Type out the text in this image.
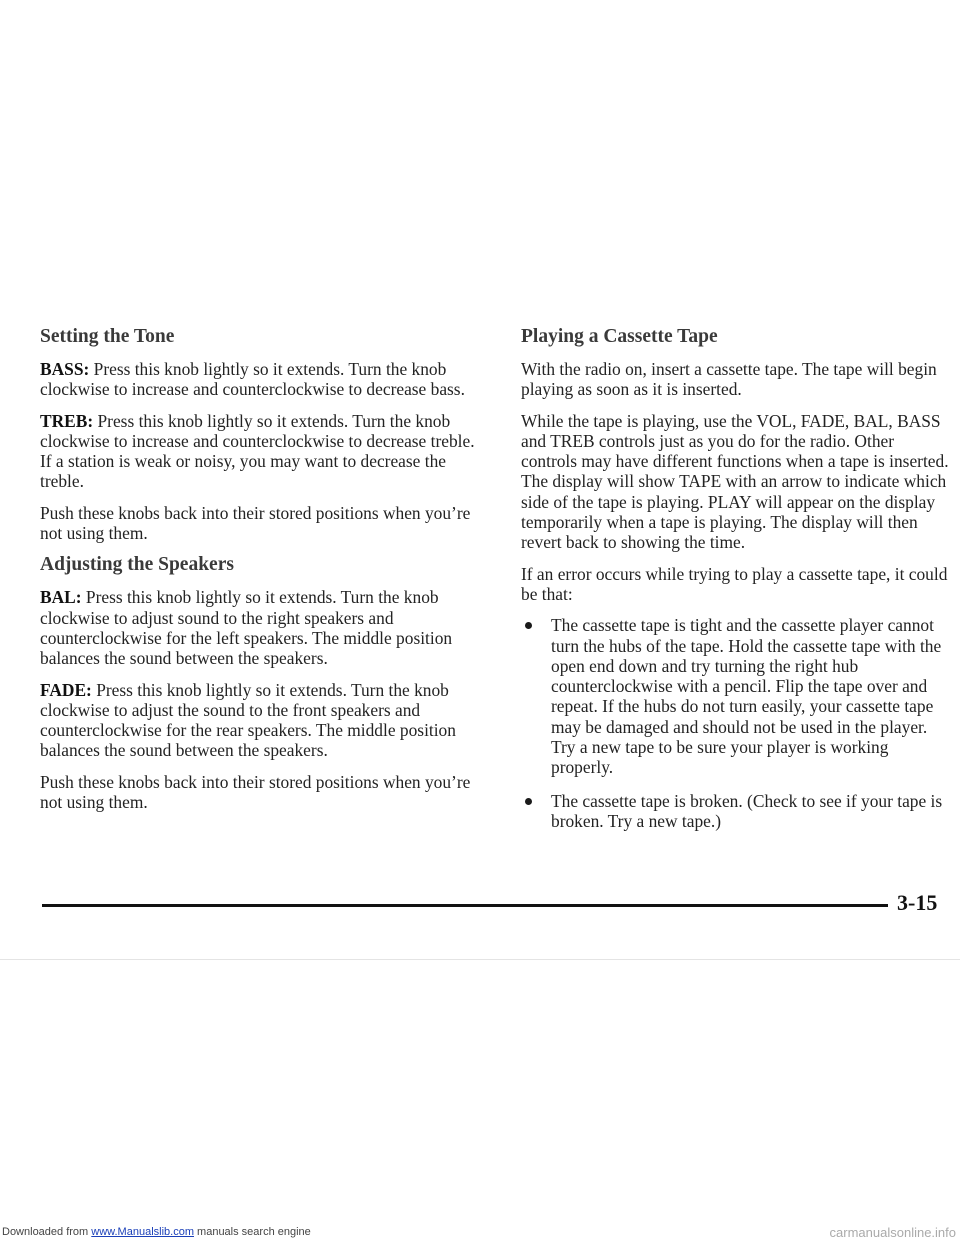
Setting the Tone

BASS: Press this knob lightly so it extends. Turn the knob clockwise to increase and counterclockwise to decrease bass.

TREB: Press this knob lightly so it extends. Turn the knob clockwise to increase and counterclockwise to decrease treble. If a station is weak or noisy, you may want to decrease the treble.

Push these knobs back into their stored positions when you’re not using them.

Adjusting the Speakers

BAL: Press this knob lightly so it extends. Turn the knob clockwise to adjust sound to the right speakers and counterclockwise for the left speakers. The middle position balances the sound between the speakers.

FADE: Press this knob lightly so it extends. Turn the knob clockwise to adjust the sound to the front speakers and counterclockwise for the rear speakers. The middle position balances the sound between the speakers.

Push these knobs back into their stored positions when you’re not using them.

Playing a Cassette Tape

With the radio on, insert a cassette tape. The tape will begin playing as soon as it is inserted.

While the tape is playing, use the VOL, FADE, BAL, BASS and TREB controls just as you do for the radio. Other controls may have different functions when a tape is inserted. The display will show TAPE with an arrow to indicate which side of the tape is playing. PLAY will appear on the display temporarily when a tape is playing. The display will then revert back to showing the time.

If an error occurs while trying to play a cassette tape, it could be that:

The cassette tape is tight and the cassette player cannot turn the hubs of the tape. Hold the cassette tape with the open end down and try turning the right hub counterclockwise with a pencil. Flip the tape over and repeat. If the hubs do not turn easily, your cassette tape may be damaged and should not be used in the player. Try a new tape to be sure your player is working properly.
The cassette tape is broken. (Check to see if your tape is broken. Try a new tape.)
3-15
Downloaded from www.Manualslib.com manuals search engine	carmanualsonline.info
